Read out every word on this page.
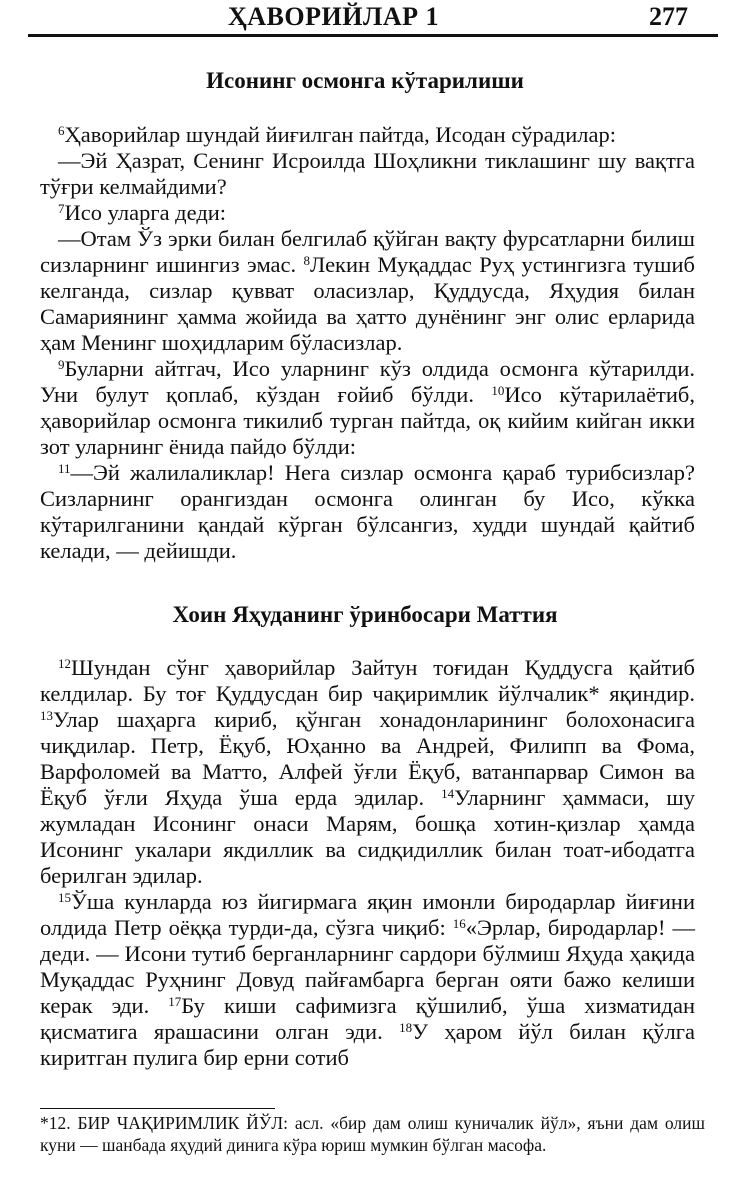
ҲАВОРИЙЛАР 1	277
Исонинг осмонга кўтарилиши

$^6$Ҳаворийлар шундай йиғилган пайтда, Исодан сўрадилар:

—Эй Ҳазрат, Сенинг Исроилда Шоҳликни тиклашинг шу вақтга тўғри келмайдими?

$^7$Исо уларга деди:

—Отам Ўз эрки билан белгилаб қўйган вақту фурсатларни билиш сизларнинг ишингиз эмас. $^8$Лекин Муқаддас Руҳ устингизга тушиб келганда, сизлар қувват оласизлар, Қуддусда, Яҳудия билан Самариянинг ҳамма жойида ва ҳатто дунёнинг энг олис ерларида ҳам Менинг шоҳидларим бўласизлар.

$^9$Буларни айтгач, Исо уларнинг кўз олдида осмонга кўтарилди. Уни булут қоплаб, кўздан ғойиб бўлди. $^{10}$Исо кўтарилаётиб, ҳаворийлар осмонга тикилиб турган пайтда, оқ кийим кийган икки зот уларнинг ёнида пайдо бўлди:

$^{11}$—Эй жалилаликлар! Нега сизлар осмонга қараб турибсизлар? Сизларнинг орангиздан осмонга олинган бу Исо, кўкка кўтарилганини қандай кўрган бўлсангиз, худди шундай қайтиб келади, — дейишди.

Хоин Яҳуданинг ўринбосари Маттия

$^{12}$Шундан сўнг ҳаворийлар Зайтун тоғидан Қуддусга қайтиб келдилар. Бу тоғ Қуддусдан бир чақиримлик йўлчалик* яқиндир. $^{13}$Улар шаҳарга кириб, қўнган хонадонларининг болохонасига чиқдилар. Петр, Ёқуб, Юҳанно ва Андрей, Филипп ва Фома, Варфоломей ва Матто, Алфей ўғли Ёқуб, ватанпарвар Симон ва Ёқуб ўғли Яҳуда ўша ерда эдилар. $^{14}$Уларнинг ҳаммаси, шу жумладан Исонинг онаси Марям, бошқа хотин-қизлар ҳамда Исонинг укалари якдиллик ва сидқидиллик билан тоат-ибодатга берилган эдилар.

$^{15}$Ўша кунларда юз йигирмага яқин имонли биродарлар йиғини олдида Петр оёққа турди-да, сўзга чиқиб: $^{16}$«Эрлар, биродарлар! — деди. — Исони тутиб берганларнинг сардори бўлмиш Яҳуда ҳақида Муқаддас Руҳнинг Довуд пайғамбарга берган ояти бажо келиши керак эди. $^{17}$Бу киши сафимизга қўшилиб, ўша хизматидан қисматига ярашасини олган эди. $^{18}$У ҳаром йўл билан қўлга киритган пулига бир ерни сотиб

*12. БИР ЧАҚИРИМЛИК ЙЎЛ: асл. «бир дам олиш куничалик йўл», яъни дам олиш куни — шанбада яҳудий динига кўра юриш мумкин бўлган масофа.
